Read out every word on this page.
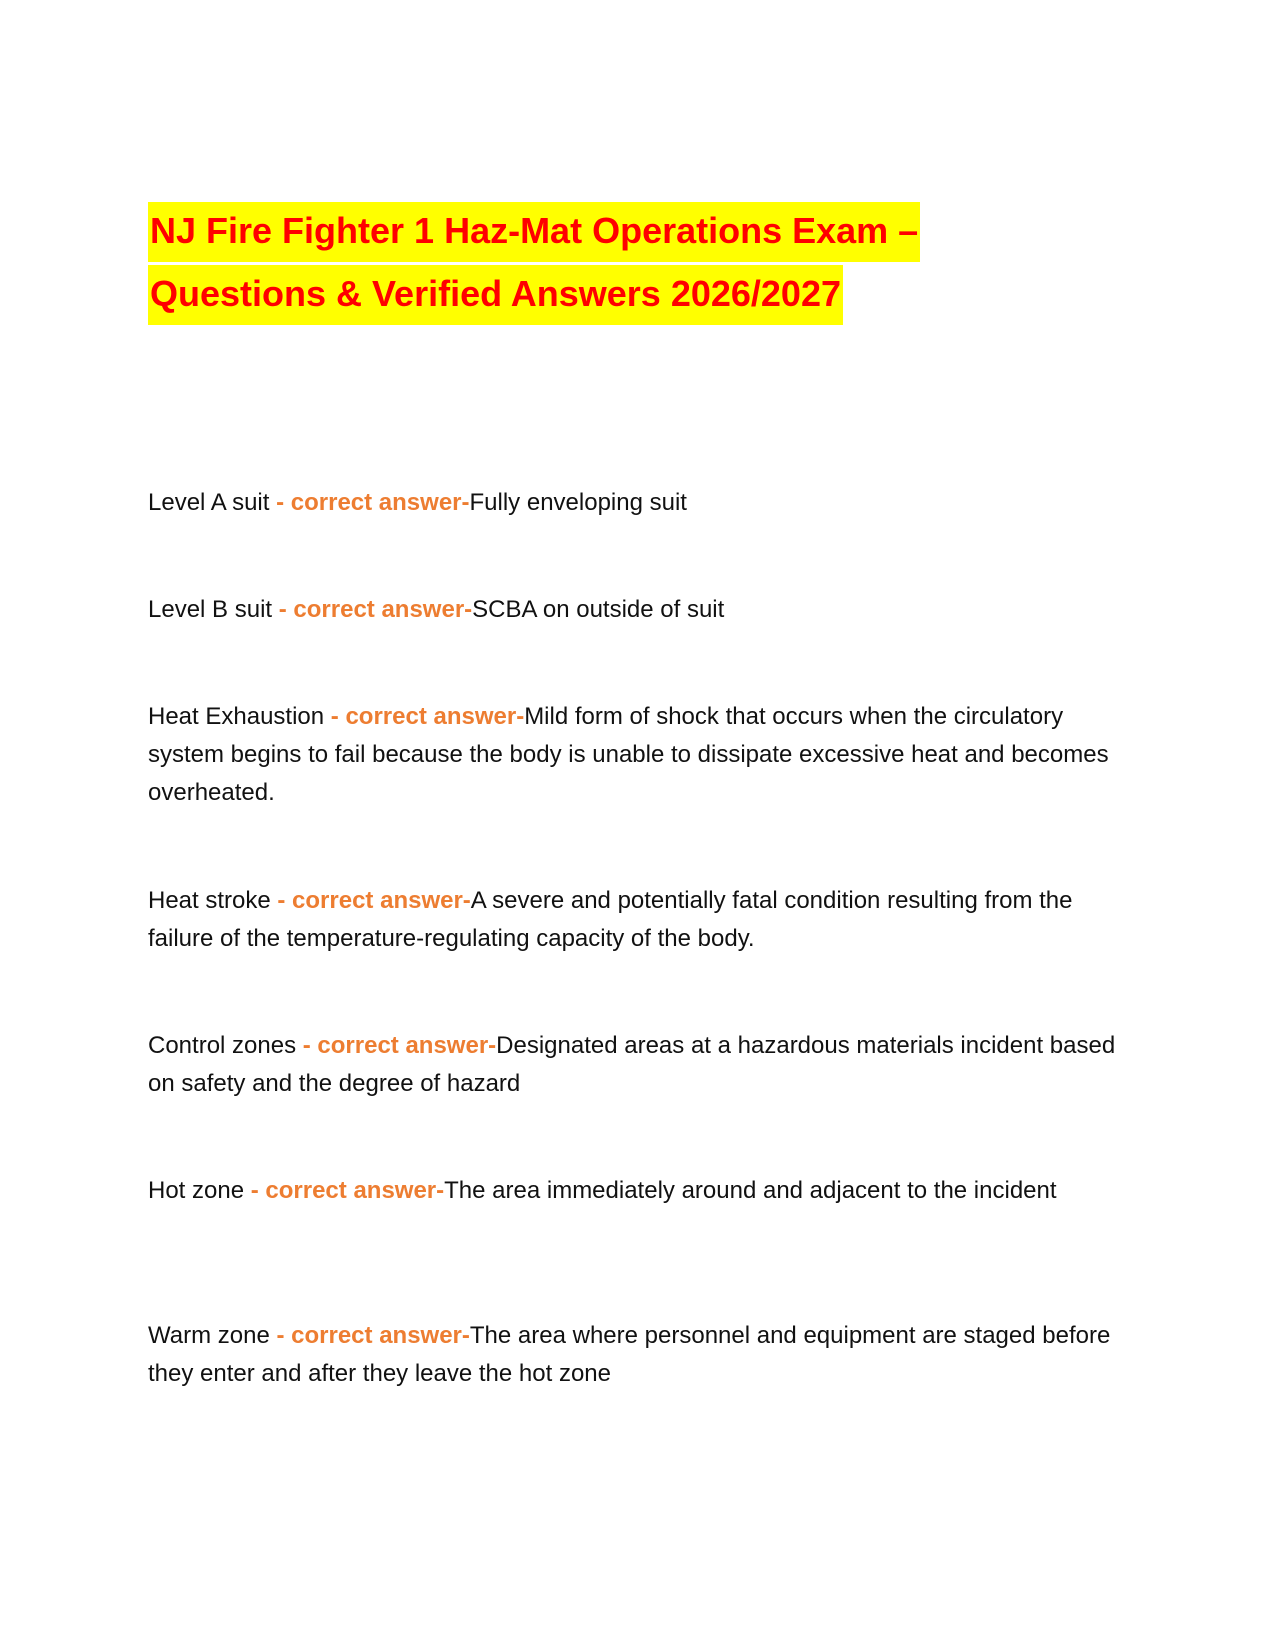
NJ Fire Fighter 1 Haz-Mat Operations Exam –
Questions & Verified Answers 2026/2027
Level A suit - correct answer-Fully enveloping suit
Level B suit - correct answer-SCBA on outside of suit
Heat Exhaustion - correct answer-Mild form of shock that occurs when the circulatory system begins to fail because the body is unable to dissipate excessive heat and becomes overheated.
Heat stroke - correct answer-A severe and potentially fatal condition resulting from the failure of the temperature-regulating capacity of the body.
Control zones - correct answer-Designated areas at a hazardous materials incident based on safety and the degree of hazard
Hot zone - correct answer-The area immediately around and adjacent to the incident
Warm zone - correct answer-The area where personnel and equipment are staged before they enter and after they leave the hot zone
